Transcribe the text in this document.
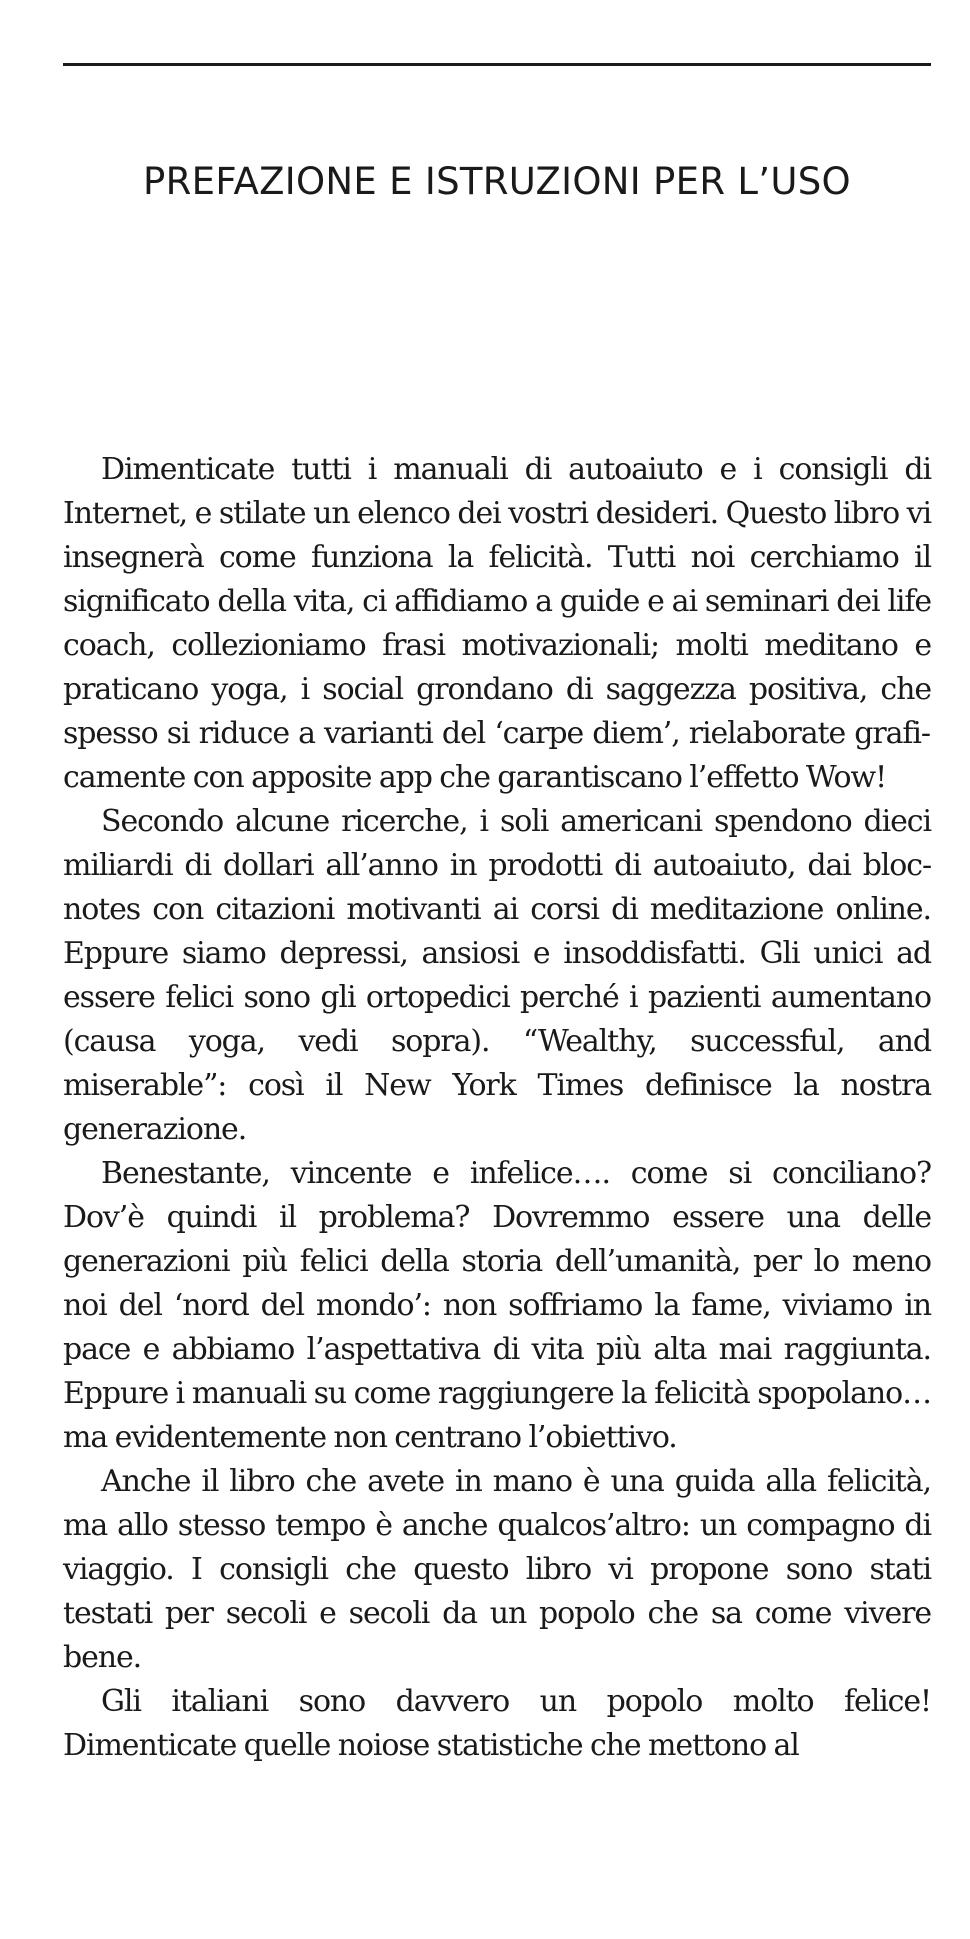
PREFAZIONE E ISTRUZIONI PER L’USO

Dimenticate tutti i manuali di autoaiuto e i consigli di Internet, e stilate un elenco dei vostri desideri. Questo libro vi insegnerà come funziona la felicità. Tutti noi cerchiamo il significato della vita, ci affidiamo a guide e ai seminari dei life coach, collezioniamo frasi motivazionali; molti meditano e praticano yoga, i social grondano di saggezza positiva, che spesso si riduce a varianti del ‘carpe diem’, rielaborate graficamente con apposite app che garantiscano l’effetto Wow!

Secondo alcune ricerche, i soli americani spendono dieci miliardi di dollari all’anno in prodotti di autoaiuto, dai bloc-notes con citazioni motivanti ai corsi di meditazione online. Eppure siamo depressi, ansiosi e insoddisfatti. Gli unici ad essere felici sono gli ortopedici perché i pazienti aumentano (causa yoga, vedi sopra). “Wealthy, successful, and miserable”: così il New York Times definisce la nostra generazione.

Benestante, vincente e infelice…. come si conciliano? Dov’è quindi il problema? Dovremmo essere una delle generazioni più felici della storia dell’umanità, per lo meno noi del ‘nord del mondo’: non soffriamo la fame, viviamo in pace e abbiamo l’aspettativa di vita più alta mai raggiunta. Eppure i manuali su come raggiungere la felicità spopolano… ma evidentemente non centrano l’obiettivo.

Anche il libro che avete in mano è una guida alla felicità, ma allo stesso tempo è anche qualcos’altro: un compagno di viaggio. I consigli che questo libro vi propone sono stati testati per secoli e secoli da un popolo che sa come vivere bene.

Gli italiani sono davvero un popolo molto felice! Dimenticate quelle noiose statistiche che mettono al
